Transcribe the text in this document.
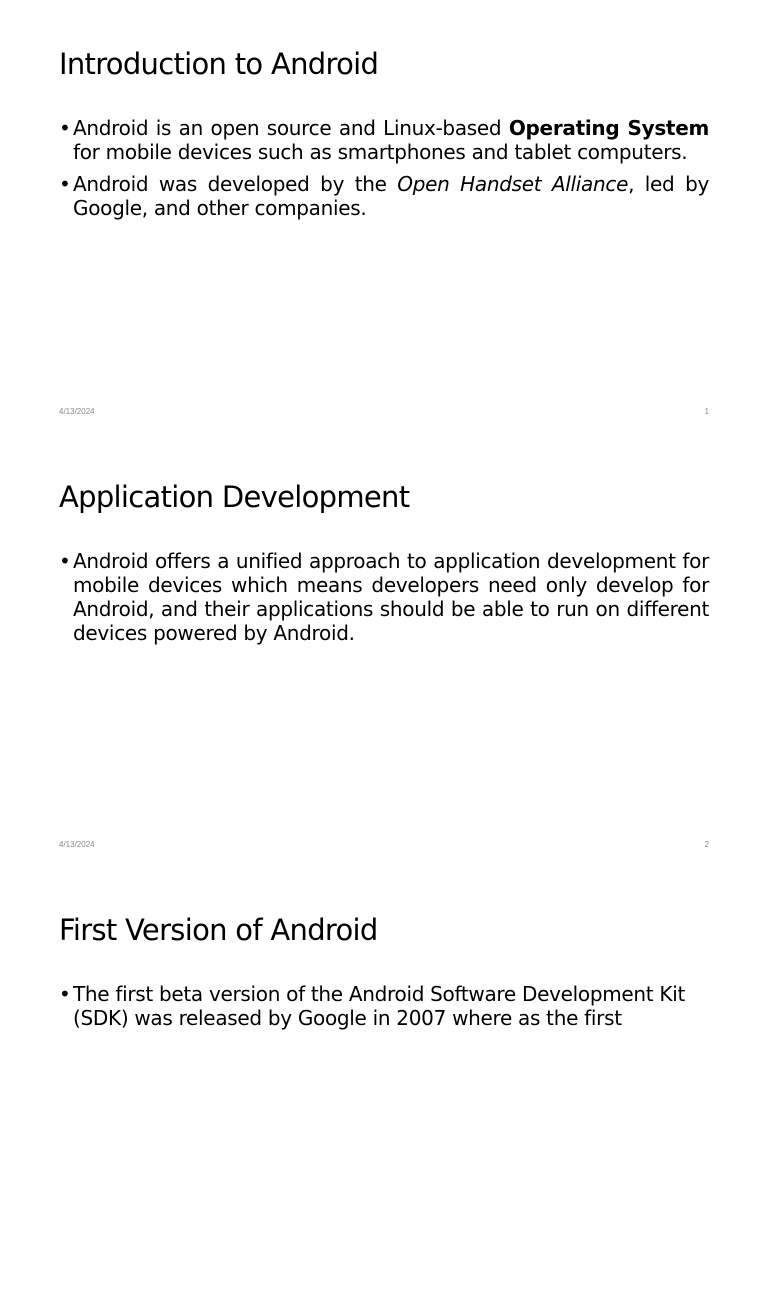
Introduction to Android
• Android is an open source and Linux-based Operating System for mobile devices such as smartphones and tablet computers.
• Android was developed by the Open Handset Alliance, led by Google, and other companies.
4/13/2024	1
Application Development
• Android offers a unified approach to application development for mobile devices which means developers need only develop for Android, and their applications should be able to run on different devices powered by Android.
4/13/2024	2
First Version of Android
• The first beta version of the Android Software Development Kit (SDK) was released by Google in 2007 where as the first
